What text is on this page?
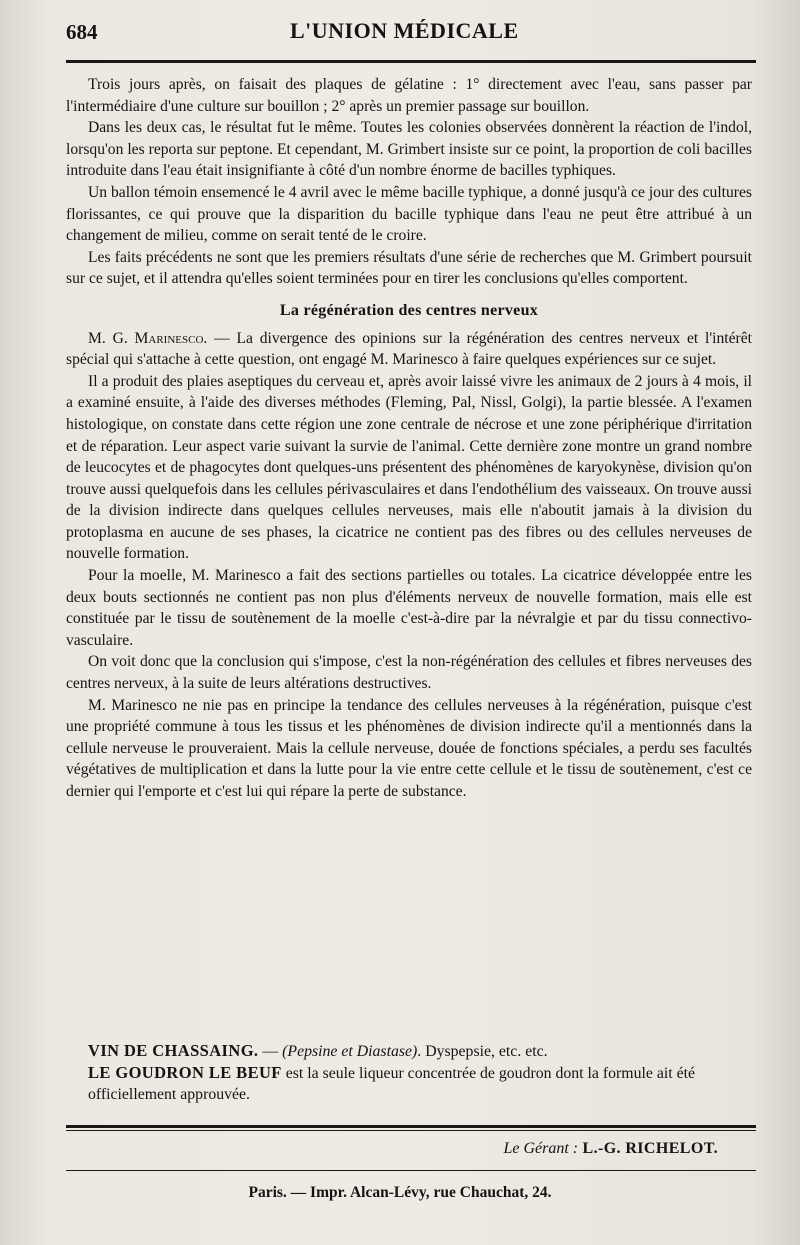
684	L'UNION MÉDICALE

Trois jours après, on faisait des plaques de gélatine : 1° directement avec l'eau, sans passer par l'intermédiaire d'une culture sur bouillon ; 2° après un premier passage sur bouillon.

Dans les deux cas, le résultat fut le même. Toutes les colonies observées donnèrent la réaction de l'indol, lorsqu'on les reporta sur peptone. Et cependant, M. Grimbert insiste sur ce point, la proportion de coli bacilles introduite dans l'eau était insignifiante à côté d'un nombre énorme de bacilles typhiques.

Un ballon témoin ensemencé le 4 avril avec le même bacille typhique, a donné jusqu'à ce jour des cultures florissantes, ce qui prouve que la disparition du bacille typhique dans l'eau ne peut être attribué à un changement de milieu, comme on serait tenté de le croire.

Les faits précédents ne sont que les premiers résultats d'une série de recherches que M. Grimbert poursuit sur ce sujet, et il attendra qu'elles soient terminées pour en tirer les conclusions qu'elles comportent.

La régénération des centres nerveux

M. G. Marinesco. — La divergence des opinions sur la régénération des centres nerveux et l'intérêt spécial qui s'attache à cette question, ont engagé M. Marinesco à faire quelques expériences sur ce sujet.

Il a produit des plaies aseptiques du cerveau et, après avoir laissé vivre les animaux de 2 jours à 4 mois, il a examiné ensuite, à l'aide des diverses méthodes (Fleming, Pal, Nissl, Golgi), la partie blessée. A l'examen histologique, on constate dans cette région une zone centrale de nécrose et une zone périphérique d'irritation et de réparation. Leur aspect varie suivant la survie de l'animal. Cette dernière zone montre un grand nombre de leucocytes et de phagocytes dont quelques-uns présentent des phénomènes de karyokynèse, division qu'on trouve aussi quelquefois dans les cellules périvasculaires et dans l'endothélium des vaisseaux. On trouve aussi de la division indirecte dans quelques cellules nerveuses, mais elle n'aboutit jamais à la division du protoplasma en aucune de ses phases, la cicatrice ne contient pas des fibres ou des cellules nerveuses de nouvelle formation.

Pour la moelle, M. Marinesco a fait des sections partielles ou totales. La cicatrice développée entre les deux bouts sectionnés ne contient pas non plus d'éléments nerveux de nouvelle formation, mais elle est constituée par le tissu de soutènement de la moelle c'est-à-dire par la névralgie et par du tissu connectivo-vasculaire.

On voit donc que la conclusion qui s'impose, c'est la non-régénération des cellules et fibres nerveuses des centres nerveux, à la suite de leurs altérations destructives.

M. Marinesco ne nie pas en principe la tendance des cellules nerveuses à la régénération, puisque c'est une propriété commune à tous les tissus et les phénomènes de division indirecte qu'il a mentionnés dans la cellule nerveuse le prouveraient. Mais la cellule nerveuse, douée de fonctions spéciales, a perdu ses facultés végétatives de multiplication et dans la lutte pour la vie entre cette cellule et le tissu de soutènement, c'est ce dernier qui l'emporte et c'est lui qui répare la perte de substance.

VIN DE CHASSAING. — (Pepsine et Diastase). Dyspepsie, etc. etc.

LE GOUDRON LE BEUF est la seule liqueur concentrée de goudron dont la formule ait été officiellement approuvée.

Le Gérant : L.-G. RICHELOT.
Paris. — Impr. Alcan-Lévy, rue Chauchat, 24.
